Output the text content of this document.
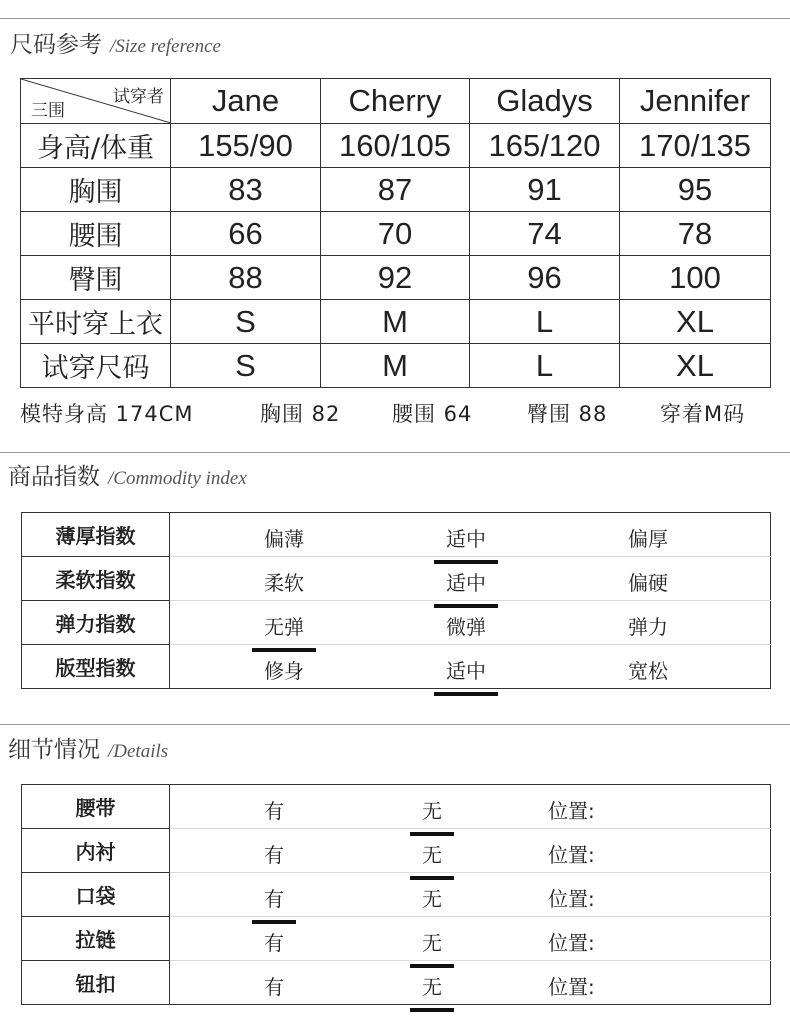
尺码参考 /Size reference
试穿者
三围	Jane	Cherry	Gladys	Jennifer
身高/体重	155/90	160/105	165/120	170/135
胸围	83	87	91	95
腰围	66	70	74	78
臀围	88	92	96	100
平时穿上衣	S	M	L	XL
试穿尺码	S	M	L	XL
模特身高 174CM	胸围 82 腰围 64	臀围 88	穿着M码
商品指数 /Commodity index
薄厚指数	偏薄 适中 偏厚

柔软指数	柔软 适中 偏硬

弹力指数	无弹 微弹 弹力

版型指数	修身 适中 宽松
细节情况 /Details
腰带	有 无 位置:

内衬	有 无 位置:

口袋	有 无 位置:

拉链	有 无 位置:

钮扣	有 无 位置:
